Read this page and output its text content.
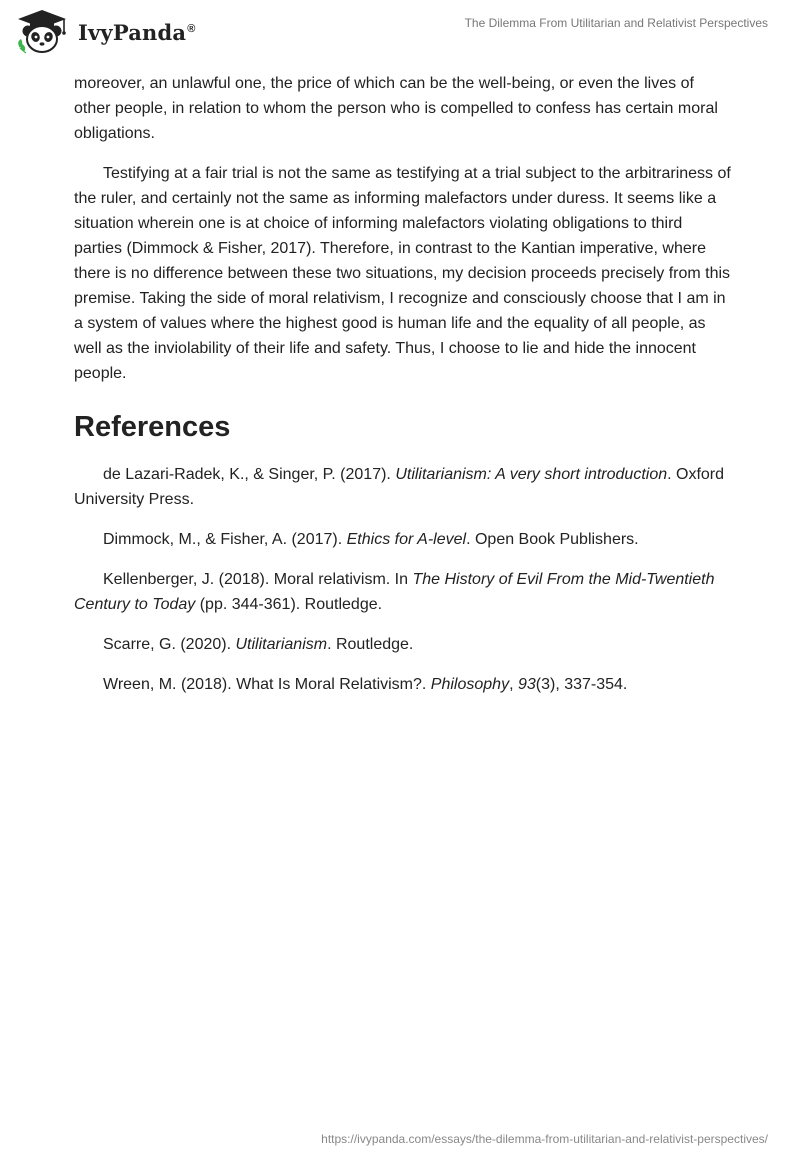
IvyPanda®	The Dilemma From Utilitarian and Relativist Perspectives

moreover, an unlawful one, the price of which can be the well-being, or even the lives of other people, in relation to whom the person who is compelled to confess has certain moral obligations.

Testifying at a fair trial is not the same as testifying at a trial subject to the arbitrariness of the ruler, and certainly not the same as informing malefactors under duress. It seems like a situation wherein one is at choice of informing malefactors violating obligations to third parties (Dimmock & Fisher, 2017). Therefore, in contrast to the Kantian imperative, where there is no difference between these two situations, my decision proceeds precisely from this premise. Taking the side of moral relativism, I recognize and consciously choose that I am in a system of values where the highest good is human life and the equality of all people, as well as the inviolability of their life and safety. Thus, I choose to lie and hide the innocent people.

References

de Lazari-Radek, K., & Singer, P. (2017). Utilitarianism: A very short introduction. Oxford University Press.

Dimmock, M., & Fisher, A. (2017). Ethics for A-level. Open Book Publishers.

Kellenberger, J. (2018). Moral relativism. In The History of Evil From the Mid-Twentieth Century to Today (pp. 344-361). Routledge.

Scarre, G. (2020). Utilitarianism. Routledge.

Wreen, M. (2018). What Is Moral Relativism?. Philosophy, 93(3), 337-354.

https://ivypanda.com/essays/the-dilemma-from-utilitarian-and-relativist-perspectives/
